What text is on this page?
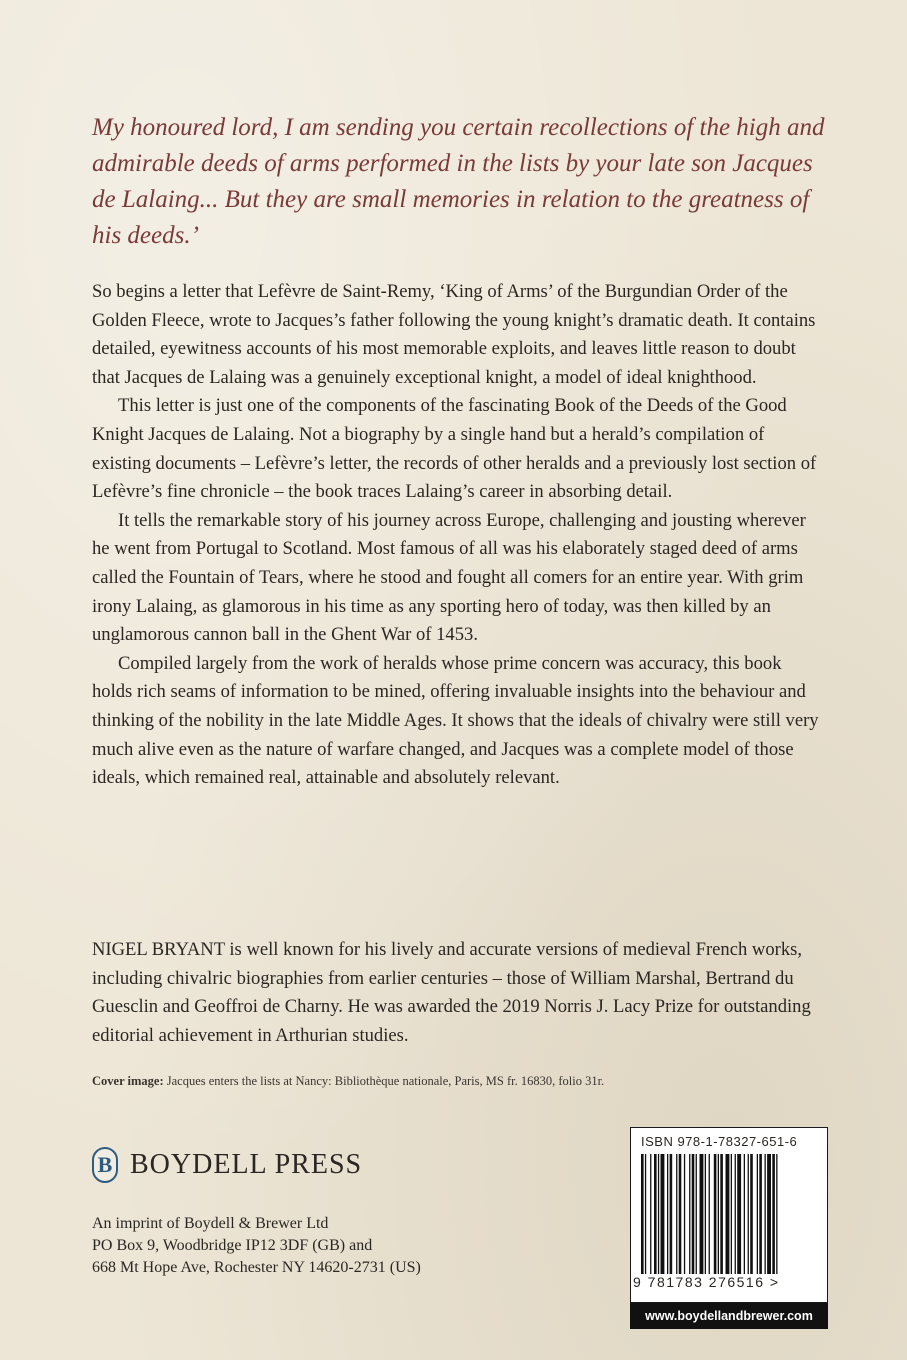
My honoured lord, I am sending you certain recollections of the high and admirable deeds of arms performed in the lists by your late son Jacques de Lalaing... But they are small memories in relation to the greatness of his deeds.’

So begins a letter that Lefèvre de Saint-Remy, ‘King of Arms’ of the Burgundian Order of the Golden Fleece, wrote to Jacques’s father following the young knight’s dramatic death. It contains detailed, eyewitness accounts of his most memorable exploits, and leaves little reason to doubt that Jacques de Lalaing was a genuinely exceptional knight, a model of ideal knighthood.

This letter is just one of the components of the fascinating Book of the Deeds of the Good Knight Jacques de Lalaing. Not a biography by a single hand but a herald’s compilation of existing documents – Lefèvre’s letter, the records of other heralds and a previously lost section of Lefèvre’s fine chronicle – the book traces Lalaing’s career in absorbing detail.

It tells the remarkable story of his journey across Europe, challenging and jousting wherever he went from Portugal to Scotland. Most famous of all was his elaborately staged deed of arms called the Fountain of Tears, where he stood and fought all comers for an entire year. With grim irony Lalaing, as glamorous in his time as any sporting hero of today, was then killed by an unglamorous cannon ball in the Ghent War of 1453.

Compiled largely from the work of heralds whose prime concern was accuracy, this book holds rich seams of information to be mined, offering invaluable insights into the behaviour and thinking of the nobility in the late Middle Ages. It shows that the ideals of chivalry were still very much alive even as the nature of warfare changed, and Jacques was a complete model of those ideals, which remained real, attainable and absolutely relevant.

NIGEL BRYANT is well known for his lively and accurate versions of medieval French works, including chivalric biographies from earlier centuries – those of William Marshal, Bertrand du Guesclin and Geoffroi de Charny. He was awarded the 2019 Norris J. Lacy Prize for outstanding editorial achievement in Arthurian studies.

Cover image: Jacques enters the lists at Nancy: Bibliothèque nationale, Paris, MS fr. 16830, folio 31r.

B BOYDELL PRESS
An imprint of Boydell & Brewer Ltd
PO Box 9, Woodbridge IP12 3DF (GB) and
668 Mt Hope Ave, Rochester NY 14620-2731 (US)
ISBN 978-1-78327-651-6
9 781783 276516 >
www.boydellandbrewer.com
